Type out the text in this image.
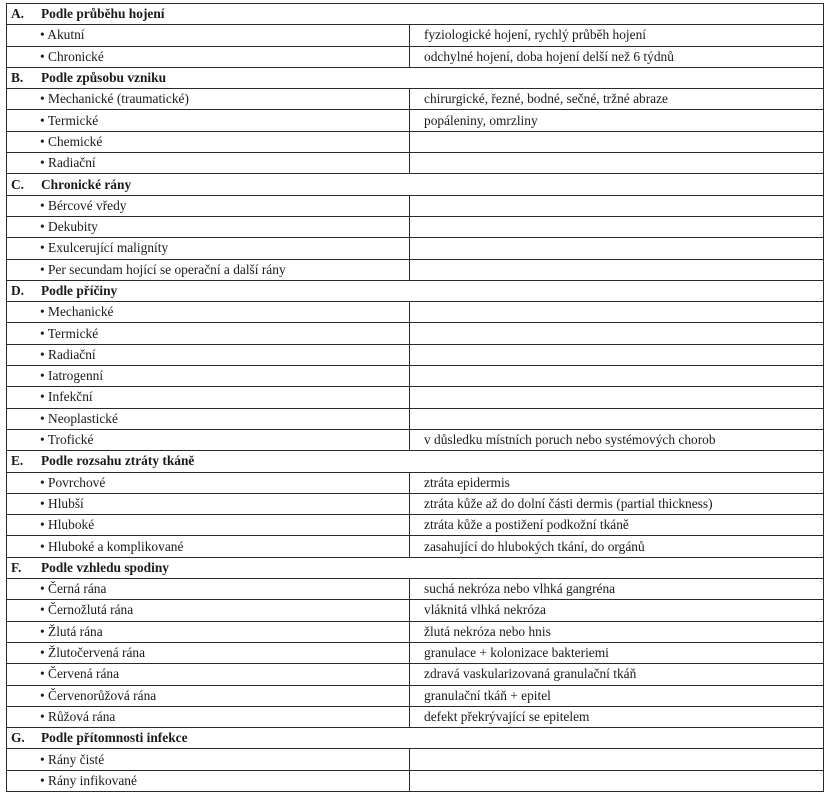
A. Podle průběhu hojení	
• Akutní	fyziologické hojení, rychlý průběh hojení
• Chronické	odchylné hojení, doba hojení delší než 6 týdnů
B. Podle způsobu vzniku	
• Mechanické (traumatické)	chirurgické, řezné, bodné, sečné, tržné abraze
• Termické	popáleniny, omrzliny
• Chemické	
• Radiační	
C. Chronické rány	
• Bércové vředy	
• Dekubity	
• Exulcerující maligníty	
• Per secundam hojící se operační a další rány	
D. Podle příčiny	
• Mechanické	
• Termické	
• Radiační	
• Iatrogenní	
• Infekční	
• Neoplastické	
• Trofické	v důsledku místních poruch nebo systémových chorob
E. Podle rozsahu ztráty tkáně	
• Povrchové	ztráta epidermis
• Hlubší	ztráta kůže až do dolní části dermis (partial thickness)
• Hluboké	ztráta kůže a postižení podkožní tkáně
• Hluboké a komplikované	zasahující do hlubokých tkání, do orgánů
F. Podle vzhledu spodiny	
• Černá rána	suchá nekróza nebo vlhká gangréna
• Černožlutá rána	vláknitá vlhká nekróza
• Žlutá rána	žlutá nekróza nebo hnis
• Žlutočervená rána	granulace + kolonizace bakteriemi
• Červená rána	zdravá vaskularizovaná granulační tkáň
• Červenorůžová rána	granulační tkáň + epitel
• Růžová rána	defekt překrývající se epitelem
G. Podle přítomnosti infekce	
• Rány čisté	
• Rány infikované	
